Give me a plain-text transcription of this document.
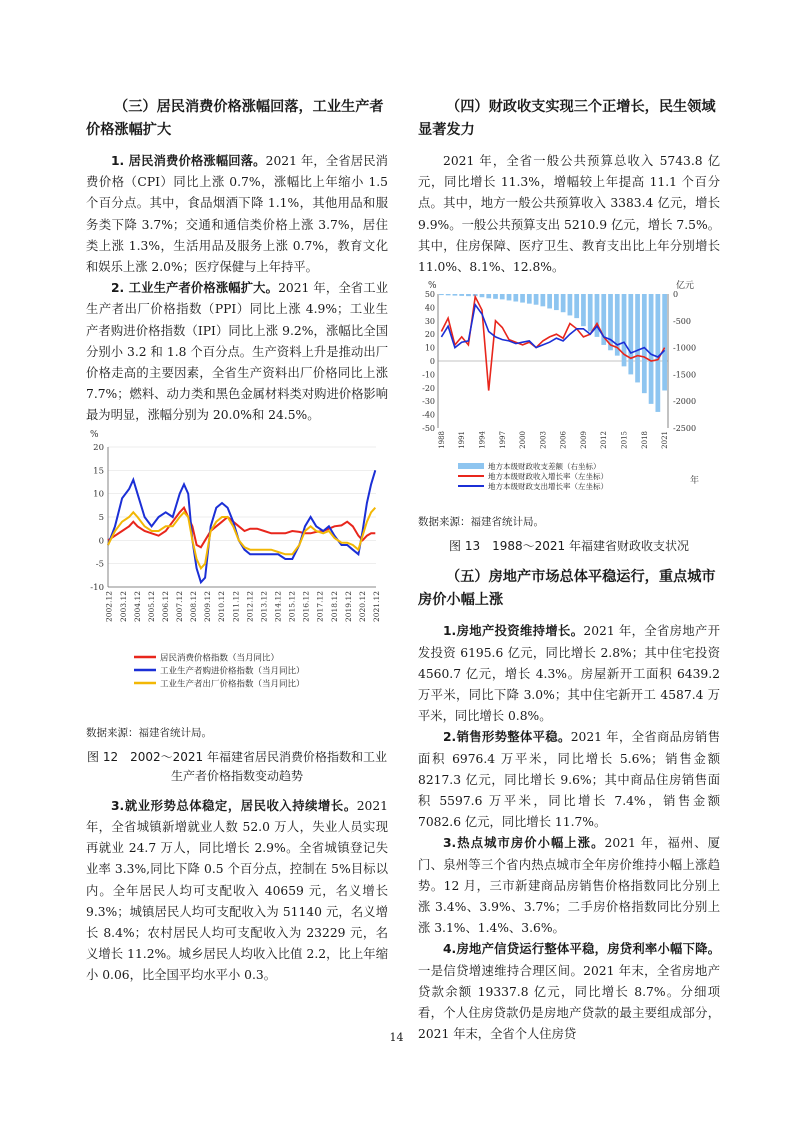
（三）居民消费价格涨幅回落，工业生产者价格涨幅扩大

1. 居民消费价格涨幅回落。2021 年，全省居民消费价格（CPI）同比上涨 0.7%，涨幅比上年缩小 1.5 个百分点。其中，食品烟酒下降 1.1%，其他用品和服务类下降 3.7%；交通和通信类价格上涨 3.7%，居住类上涨 1.3%，生活用品及服务上涨 0.7%，教育文化和娱乐上涨 2.0%；医疗保健与上年持平。

2. 工业生产者价格涨幅扩大。2021 年，全省工业生产者出厂价格指数（PPI）同比上涨 4.9%；工业生产者购进价格指数（IPI）同比上涨 9.2%，涨幅比全国分别小 3.2 和 1.8 个百分点。生产资料上升是推动出厂价格走高的主要因素，全省生产资料出厂价格同比上涨 7.7%；燃料、动力类和黑色金属材料类对购进价格影响最为明显，涨幅分别为 20.0%和 24.5%。

%
20
15
10
5
0
-5
-10
2002.12 2003.12 2004.12 2005.12 2006.12 2007.12 2008.12 2009.12 2010.12 2011.12 2012.12 2013.12 2014.12 2015.12 2016.12 2017.12 2018.12 2019.12 2020.12 2021.12
居民消费价格指数（当月同比）
工业生产者购进价格指数（当月同比）
工业生产者出厂价格指数（当月同比）
数据来源：福建省统计局。
图 12　2002～2021 年福建省居民消费价格指数和工业生产者价格指数变动趋势

3.就业形势总体稳定，居民收入持续增长。2021 年，全省城镇新增就业人数 52.0 万人，失业人员实现再就业 24.7 万人，同比增长 2.9%。全省城镇登记失业率 3.3%,同比下降 0.5 个百分点，控制在 5%目标以内。全年居民人均可支配收入 40659 元，名义增长 9.3%；城镇居民人均可支配收入为 51140 元，名义增长 8.4%；农村居民人均可支配收入为 23229 元，名义增长 11.2%。城乡居民人均收入比值 2.2，比上年缩小 0.06，比全国平均水平小 0.3。

（四）财政收支实现三个正增长，民生领域显著发力

2021 年，全省一般公共预算总收入 5743.8 亿元，同比增长 11.3%，增幅较上年提高 11.1 个百分点。其中，地方一般公共预算收入 3383.4 亿元，增长 9.9%。一般公共预算支出 5210.9 亿元，增长 7.5%。其中，住房保障、医疗卫生、教育支出比上年分别增长 11.0%、8.1%、12.8%。

%	亿元
50
40
30
20
10
0
-10
-20
-30
-40
-50
0
-500
-1000
-1500
-2000
-2500
1988 1991 1994 1997 2000 2003 2006 2009 2012 2015 2018 2021
地方本级财政收支差额（右坐标）
地方本级财政收入增长率（左坐标）
地方本级财政支出增长率（左坐标）
年
数据来源：福建省统计局。
图 13　1988～2021 年福建省财政收支状况
（五）房地产市场总体平稳运行，重点城市房价小幅上涨

1.房地产投资维持增长。2021 年，全省房地产开发投资 6195.6 亿元，同比增长 2.8%；其中住宅投资 4560.7 亿元，增长 4.3%。房屋新开工面积 6439.2 万平米，同比下降 3.0%；其中住宅新开工 4587.4 万平米，同比增长 0.8%。

2.销售形势整体平稳。2021 年，全省商品房销售面积 6976.4 万平米，同比增长 5.6%；销售金额 8217.3 亿元，同比增长 9.6%；其中商品住房销售面积 5597.6 万平米，同比增长 7.4%，销售金额 7082.6 亿元，同比增长 11.7%。

3.热点城市房价小幅上涨。2021 年，福州、厦门、泉州等三个省内热点城市全年房价维持小幅上涨趋势。12 月，三市新建商品房销售价格指数同比分别上涨 3.4%、3.9%、3.7%；二手房价格指数同比分别上涨 3.1%、1.4%、3.6%。

4.房地产信贷运行整体平稳，房贷利率小幅下降。一是信贷增速维持合理区间。2021 年末，全省房地产贷款余额 19337.8 亿元，同比增长 8.7%。分细项看，个人住房贷款仍是房地产贷款的最主要组成部分，2021 年末，全省个人住房贷

14
